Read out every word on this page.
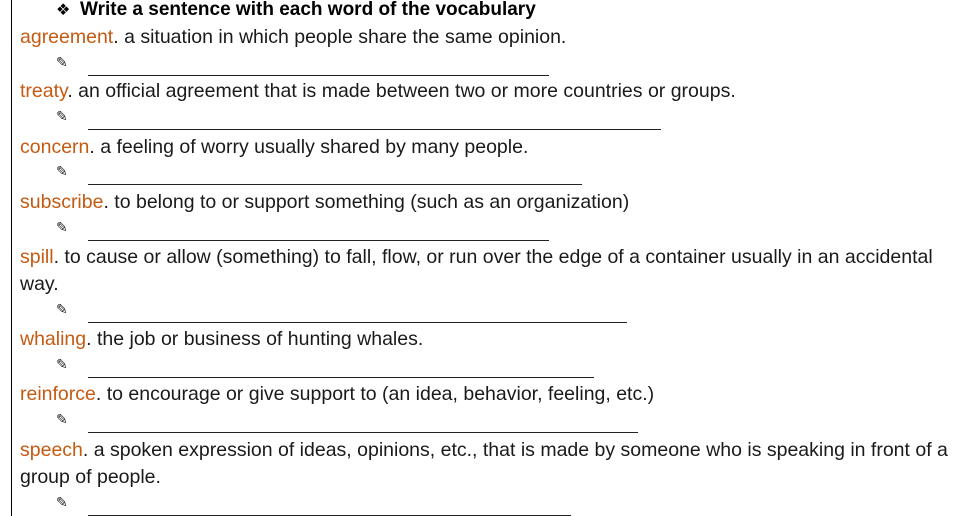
❖ Write a sentence with each word of the vocabulary
agreement. a situation in which people share the same opinion.
✎
treaty. an official agreement that is made between two or more countries or groups.
✎
concern. a feeling of worry usually shared by many people.
✎
subscribe. to belong to or support something (such as an organization)
✎
spill. to cause or allow (something) to fall, flow, or run over the edge of a container usually in an accidental way.
✎
whaling. the job or business of hunting whales.
✎
reinforce. to encourage or give support to (an idea, behavior, feeling, etc.)
✎
speech. a spoken expression of ideas, opinions, etc., that is made by someone who is speaking in front of a group of people.
✎
